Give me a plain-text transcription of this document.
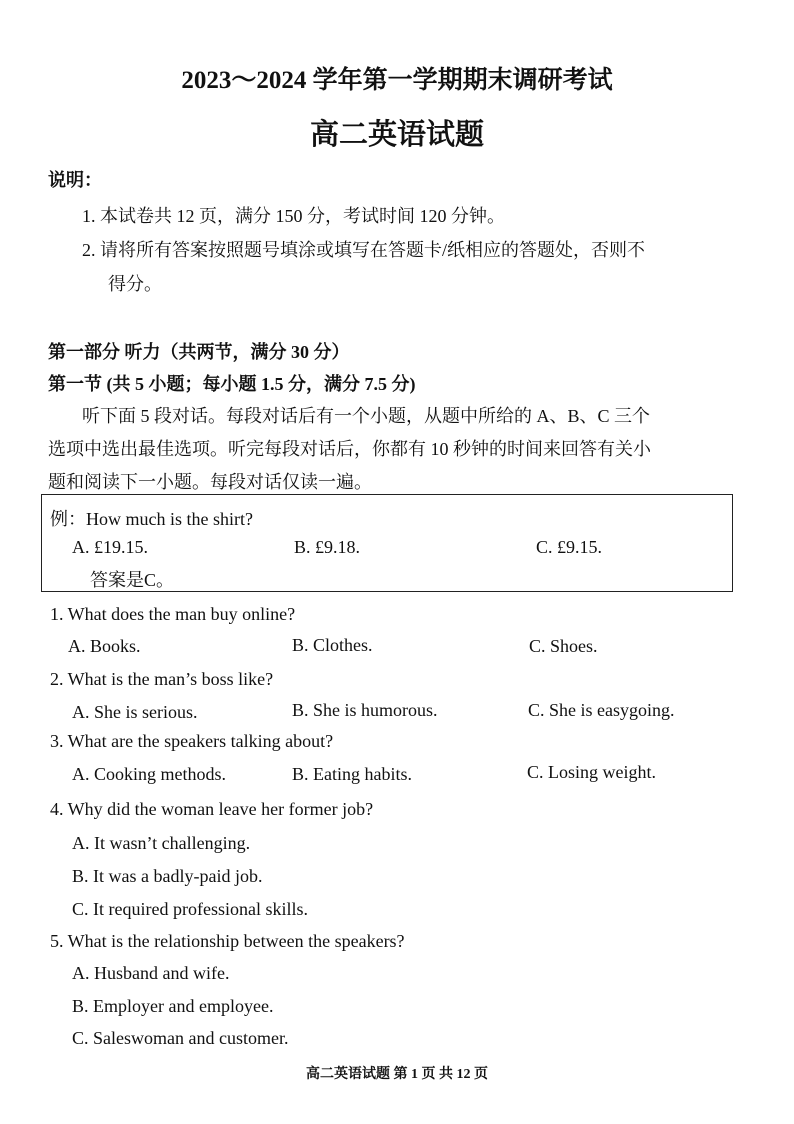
2023～2024 学年第一学期期末调研考试
高二英语试题
说明：
1. 本试卷共 12 页，满分 150 分，考试时间 120 分钟。
2. 请将所有答案按照题号填涂或填写在答题卡/纸相应的答题处，否则不
得分。
第一部分 听力（共两节，满分 30 分）
第一节 (共 5 小题；每小题 1.5 分，满分 7.5 分)
听下面 5 段对话。每段对话后有一个小题，从题中所给的 A、B、C 三个
选项中选出最佳选项。听完每段对话后，你都有 10 秒钟的时间来回答有关小
题和阅读下一小题。每段对话仅读一遍。
例：How much is the shirt?
A. £19.15.	B. £9.18.	C. £9.15.
答案是C。
1. What does the man buy online?
A. Books.	B. Clothes.	C. Shoes.
2. What is the man’s boss like?
A. She is serious.	B. She is humorous.	C. She is easygoing.
3. What are the speakers talking about?
A. Cooking methods.	B. Eating habits.	C. Losing weight.
4. Why did the woman leave her former job?
A. It wasn’t challenging.
B. It was a badly-paid job.
C. It required professional skills.
5. What is the relationship between the speakers?
A. Husband and wife.
B. Employer and employee.
C. Saleswoman and customer.
高二英语试题 第 1 页 共 12 页
